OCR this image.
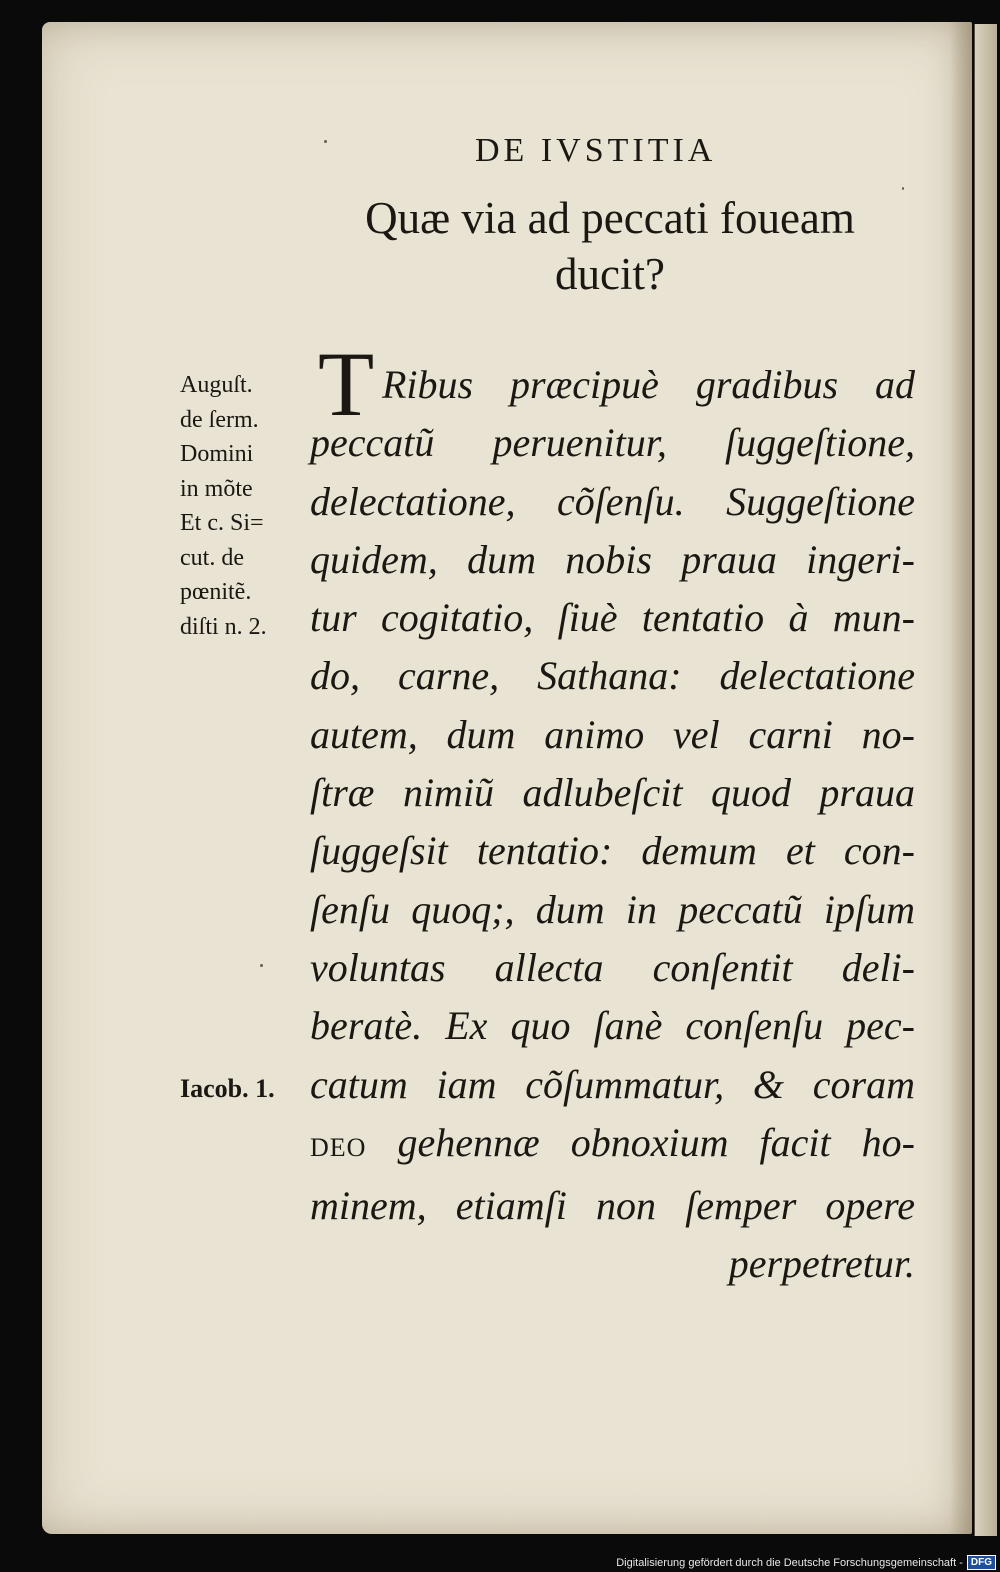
DE IVSTITIA
Quæ via ad peccati foueam
ducit?
Auguſt.
de ſerm.
Domini
in mõte
Et c. Si=
cut. de
pœnitẽ.
diſti n. 2.
Iacob. 1.
T Ribus præcipuè gradibus ad
peccatũ peruenitur, ſuggeſtione,
delectatione, cõſenſu. Suggeſtione
quidem, dum nobis praua ingeri-
tur cogitatio, ſiuè tentatio à mun-
do, carne, Sathana: delectatione
autem, dum animo vel carni no-
ſtræ nimiũ adlubeſcit quod praua
ſuggeſsit tentatio: demum et con-
ſenſu quoq;, dum in peccatũ ipſum
voluntas allecta conſentit deli-
beratè. Ex quo ſanè conſenſu pec-
catum iam cõſummatur, & coram
DEO gehennæ obnoxium facit ho-
minem, etiamſi non ſemper opere
perpetretur.
Digitalisierung gefördert durch die Deutsche Forschungsgemeinschaft - DFG
